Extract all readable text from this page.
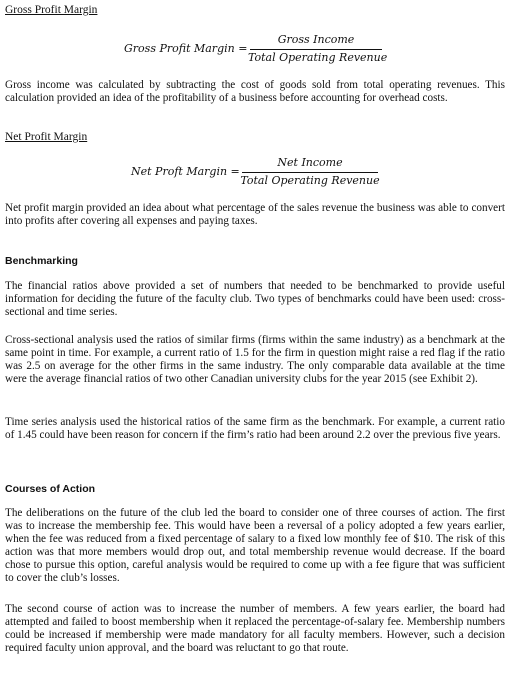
Gross Profit Margin
Gross Profit Margin =
Gross Income
Total Operating Revenue

Gross income was calculated by subtracting the cost of goods sold from total operating revenues. This calculation provided an idea of the profitability of a business before accounting for overhead costs.

Net Profit Margin
Net Proft Margin =
Net Income
Total Operating Revenue

Net profit margin provided an idea about what percentage of the sales revenue the business was able to convert into profits after covering all expenses and paying taxes.

Benchmarking

The financial ratios above provided a set of numbers that needed to be benchmarked to provide useful information for deciding the future of the faculty club. Two types of benchmarks could have been used: cross-sectional and time series.

Cross-sectional analysis used the ratios of similar firms (firms within the same industry) as a benchmark at the same point in time. For example, a current ratio of 1.5 for the firm in question might raise a red flag if the ratio was 2.5 on average for the other firms in the same industry. The only comparable data available at the time were the average financial ratios of two other Canadian university clubs for the year 2015 (see Exhibit 2).

Time series analysis used the historical ratios of the same firm as the benchmark. For example, a current ratio of 1.45 could have been reason for concern if the firm’s ratio had been around 2.2 over the previous five years.

Courses of Action

The deliberations on the future of the club led the board to consider one of three courses of action. The first was to increase the membership fee. This would have been a reversal of a policy adopted a few years earlier, when the fee was reduced from a fixed percentage of salary to a fixed low monthly fee of $10. The risk of this action was that more members would drop out, and total membership revenue would decrease. If the board chose to pursue this option, careful analysis would be required to come up with a fee figure that was sufficient to cover the club’s losses.

The second course of action was to increase the number of members. A few years earlier, the board had attempted and failed to boost membership when it replaced the percentage-of-salary fee. Membership numbers could be increased if membership were made mandatory for all faculty members. However, such a decision required faculty union approval, and the board was reluctant to go that route.
